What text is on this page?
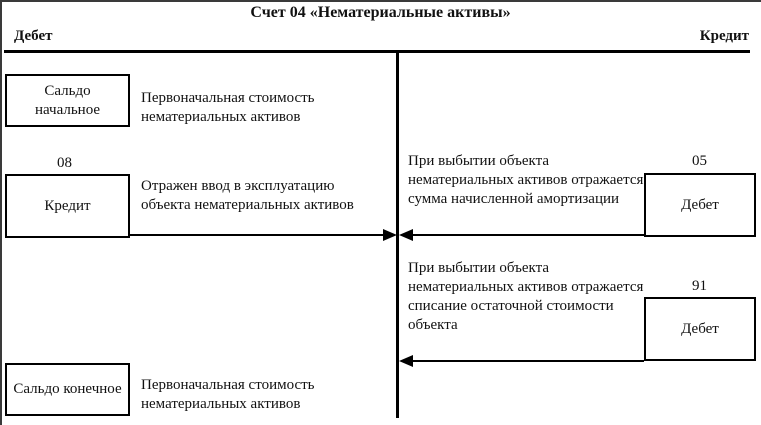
Счет 04 «Нематериальные активы»
Дебет	Кредит
Сальдо начальное
Первоначальная стоимость нематериальных активов
08
Кредит
Отражен ввод в эксплуатацию объекта нематериальных активов
При выбытии объекта нематериальных активов отражается сумма начисленной амортизации
05
Дебет
При выбытии объекта нематериальных активов отражается списание остаточной стоимости объекта
91
Дебет
Сальдо конечное Первоначальная стоимость нематериальных активов
